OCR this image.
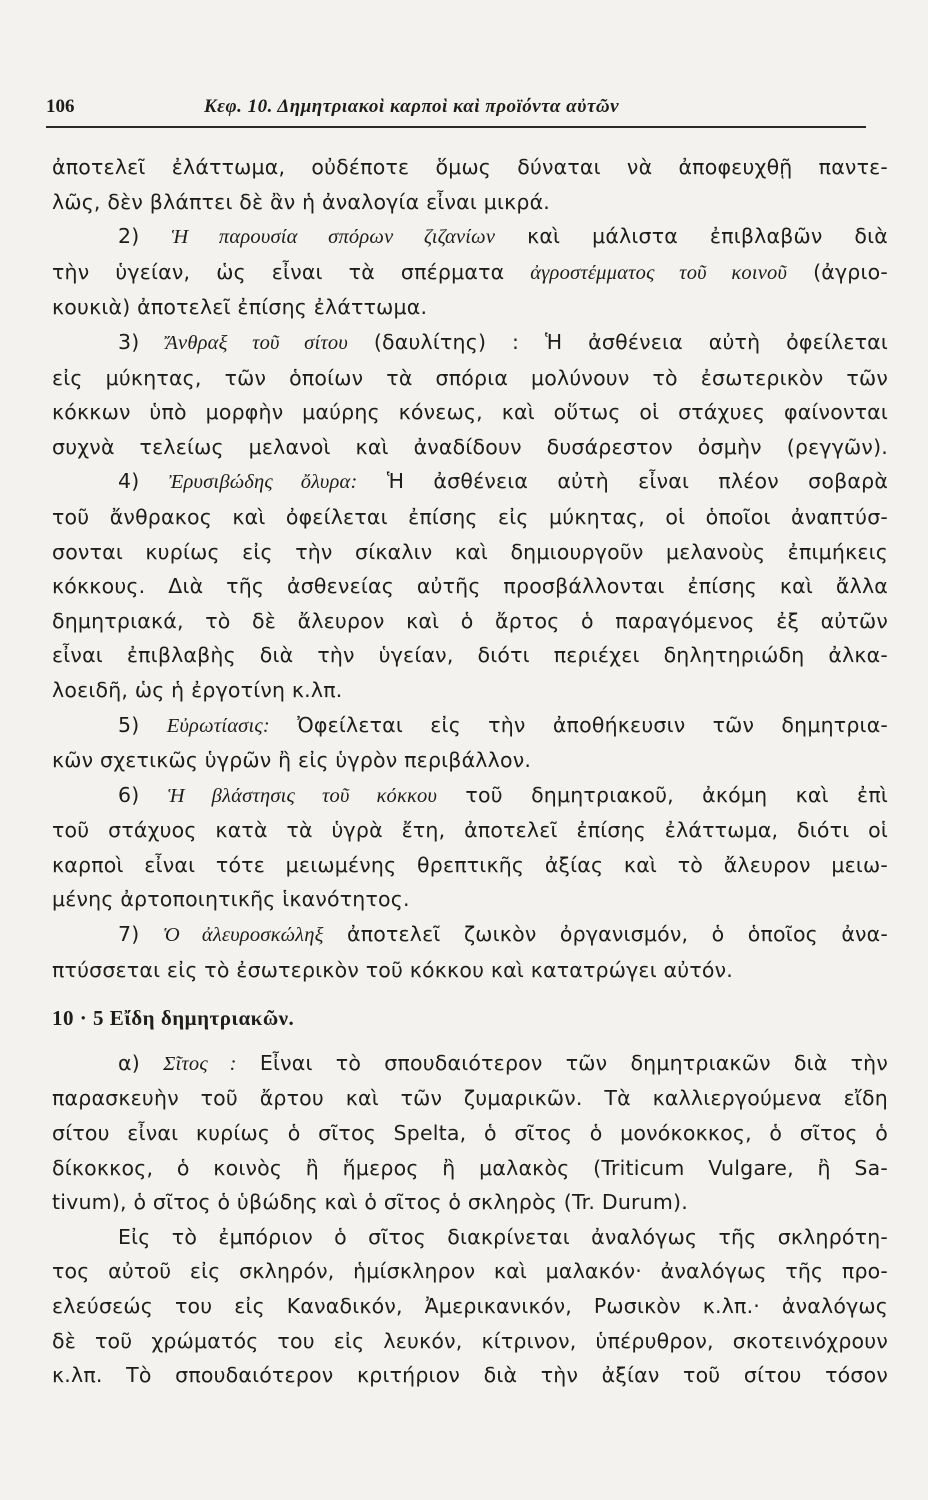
106	Κεφ. 10. Δημητριακοὶ καρποὶ καὶ προϊόντα αὐτῶν
ἀποτελεῖ ἐλάττωμα, οὐδέποτε ὅμως δύναται νὰ ἀποφευχθῇ παντε-
λῶς, δὲν βλάπτει δὲ ἂν ἡ ἀναλογία εἶναι μικρά.
2) Ἡ παρουσία σπόρων ζιζανίων καὶ μάλιστα ἐπιβλαβῶν διὰ
τὴν ὑγείαν, ὡς εἶναι τὰ σπέρματα ἀγροστέμματος τοῦ κοινοῦ (ἀγριο-
κουκιὰ) ἀποτελεῖ ἐπίσης ἐλάττωμα.
3) Ἄνθραξ τοῦ σίτου (δαυλίτης) : Ἡ ἀσθένεια αὐτὴ ὀφείλεται
εἰς μύκητας, τῶν ὁποίων τὰ σπόρια μολύνουν τὸ ἐσωτερικὸν τῶν
κόκκων ὑπὸ μορφὴν μαύρης κόνεως, καὶ οὕτως οἱ στάχυες φαίνονται
συχνὰ τελείως μελανοὶ καὶ ἀναδίδουν δυσάρεστον ὀσμὴν (ρεγγῶν).
4) Ἐρυσιβώδης ὄλυρα: Ἡ ἀσθένεια αὐτὴ εἶναι πλέον σοβαρὰ
τοῦ ἄνθρακος καὶ ὀφείλεται ἐπίσης εἰς μύκητας, οἱ ὁποῖοι ἀναπτύσ-
σονται κυρίως εἰς τὴν σίκαλιν καὶ δημιουργοῦν μελανοὺς ἐπιμήκεις
κόκκους. Διὰ τῆς ἀσθενείας αὐτῆς προσβάλλονται ἐπίσης καὶ ἄλλα
δημητριακά, τὸ δὲ ἄλευρον καὶ ὁ ἄρτος ὁ παραγόμενος ἐξ αὐτῶν
εἶναι ἐπιβλαβὴς διὰ τὴν ὑγείαν, διότι περιέχει δηλητηριώδη ἀλκα-
λοειδῆ, ὡς ἡ ἐργοτίνη κ.λπ.
5) Εὐρωτίασις: Ὀφείλεται εἰς τὴν ἀποθήκευσιν τῶν δημητρια-
κῶν σχετικῶς ὑγρῶν ἢ εἰς ὑγρὸν περιβάλλον.
6) Ἡ βλάστησις τοῦ κόκκου τοῦ δημητριακοῦ, ἀκόμη καὶ ἐπὶ
τοῦ στάχυος κατὰ τὰ ὑγρὰ ἔτη, ἀποτελεῖ ἐπίσης ἐλάττωμα, διότι οἱ
καρποὶ εἶναι τότε μειωμένης θρεπτικῆς ἀξίας καὶ τὸ ἄλευρον μειω-
μένης ἀρτοποιητικῆς ἱκανότητος.
7) Ὁ ἀλευροσκώληξ ἀποτελεῖ ζωικὸν ὀργανισμόν, ὁ ὁποῖος ἀνα-
πτύσσεται εἰς τὸ ἐσωτερικὸν τοῦ κόκκου καὶ κατατρώγει αὐτόν.
10 · 5 Εἴδη δημητριακῶν.
α) Σῖτος : Εἶναι τὸ σπουδαιότερον τῶν δημητριακῶν διὰ τὴν
παρασκευὴν τοῦ ἄρτου καὶ τῶν ζυμαρικῶν. Τὰ καλλιεργούμενα εἴδη
σίτου εἶναι κυρίως ὁ σῖτος Spelta, ὁ σῖτος ὁ μονόκοκκος, ὁ σῖτος ὁ
δίκοκκος, ὁ κοινὸς ἢ ἥμερος ἢ μαλακὸς (Triticum Vulgare, ἢ Sa-
tivum), ὁ σῖτος ὁ ὑβώδης καὶ ὁ σῖτος ὁ σκληρὸς (Tr. Durum).
Εἰς τὸ ἐμπόριον ὁ σῖτος διακρίνεται ἀναλόγως τῆς σκληρότη-
τος αὐτοῦ εἰς σκληρόν, ἡμίσκληρον καὶ μαλακόν· ἀναλόγως τῆς προ-
ελεύσεώς του εἰς Καναδικόν, Ἀμερικανικόν, Ρωσικὸν κ.λπ.· ἀναλόγως
δὲ τοῦ χρώματός του εἰς λευκόν, κίτρινον, ὑπέρυθρον, σκοτεινόχρουν
κ.λπ. Τὸ σπουδαιότερον κριτήριον διὰ τὴν ἀξίαν τοῦ σίτου τόσον
